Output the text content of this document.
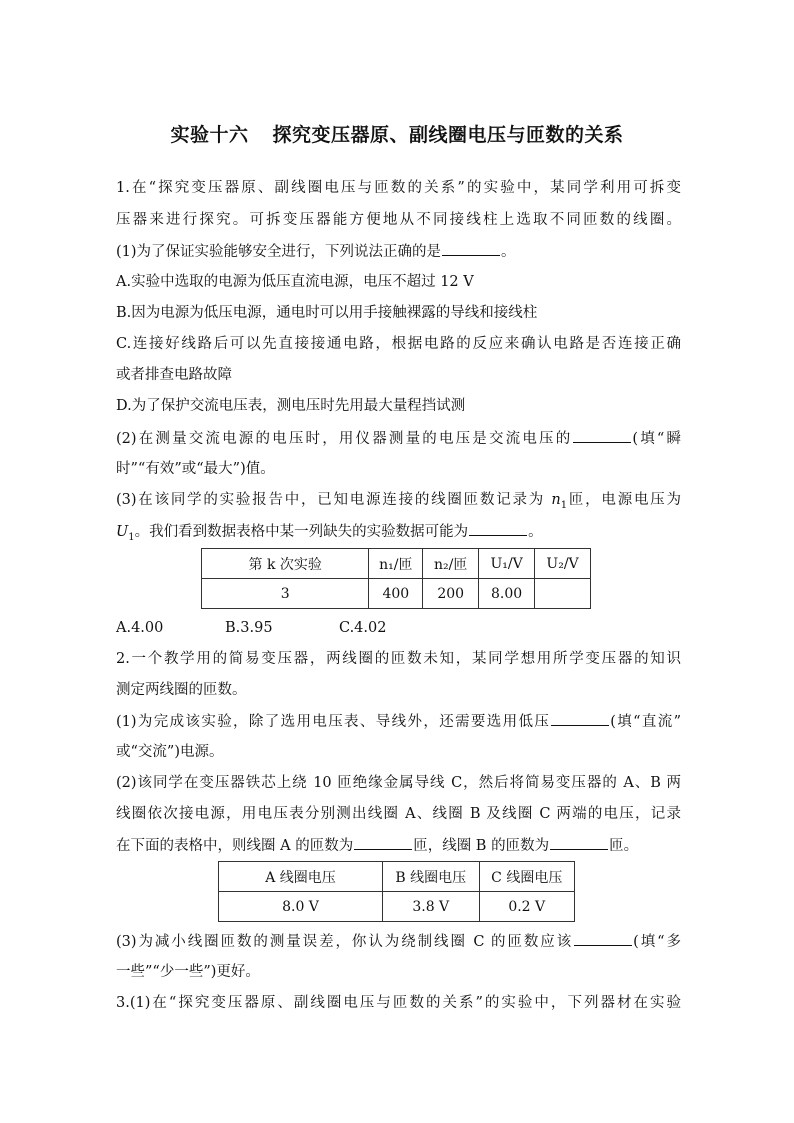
实验十六 探究变压器原、副线圈电压与匝数的关系
1.在“探究变压器原、副线圈电压与匝数的关系”的实验中，某同学利用可拆变
压器来进行探究。可拆变压器能方便地从不同接线柱上选取不同匝数的线圈。
(1)为了保证实验能够安全进行，下列说法正确的是	。
A.实验中选取的电源为低压直流电源，电压不超过 12 V
B.因为电源为低压电源，通电时可以用手接触裸露的导线和接线柱
C.连接好线路后可以先直接接通电路，根据电路的反应来确认电路是否连接正确
或者排查电路故障
D.为了保护交流电压表，测电压时先用最大量程挡试测
(2)在测量交流电源的电压时，用仪器测量的电压是交流电压的	(填“瞬
时”“有效”或“最大”)值。
(3)在该同学的实验报告中，已知电源连接的线圈匝数记录为 $n_1$匝，电源电压为
$U_1$。我们看到数据表格中某一列缺失的实验数据可能为	。
第 k 次实验	n₁/匝	n₂/匝	U₁/V	U₂/V
3	400	200	8.00	
A.4.00	B.3.95	C.4.02
2.一个教学用的简易变压器，两线圈的匝数未知，某同学想用所学变压器的知识
测定两线圈的匝数。
(1)为完成该实验，除了选用电压表、导线外，还需要选用低压	(填“直流”
或“交流”)电源。
(2)该同学在变压器铁芯上绕 10 匝绝缘金属导线 C，然后将简易变压器的 A、B 两
线圈依次接电源，用电压表分别测出线圈 A、线圈 B 及线圈 C 两端的电压，记录
在下面的表格中，则线圈 A 的匝数为	匝，线圈 B 的匝数为	匝。
A 线圈电压	B 线圈电压	C 线圈电压
8.0 V	3.8 V	0.2 V
(3)为减小线圈匝数的测量误差，你认为绕制线圈 C 的匝数应该	(填“多
一些”“少一些”)更好。
3.(1)在“探究变压器原、副线圈电压与匝数的关系”的实验中，下列器材在实验
